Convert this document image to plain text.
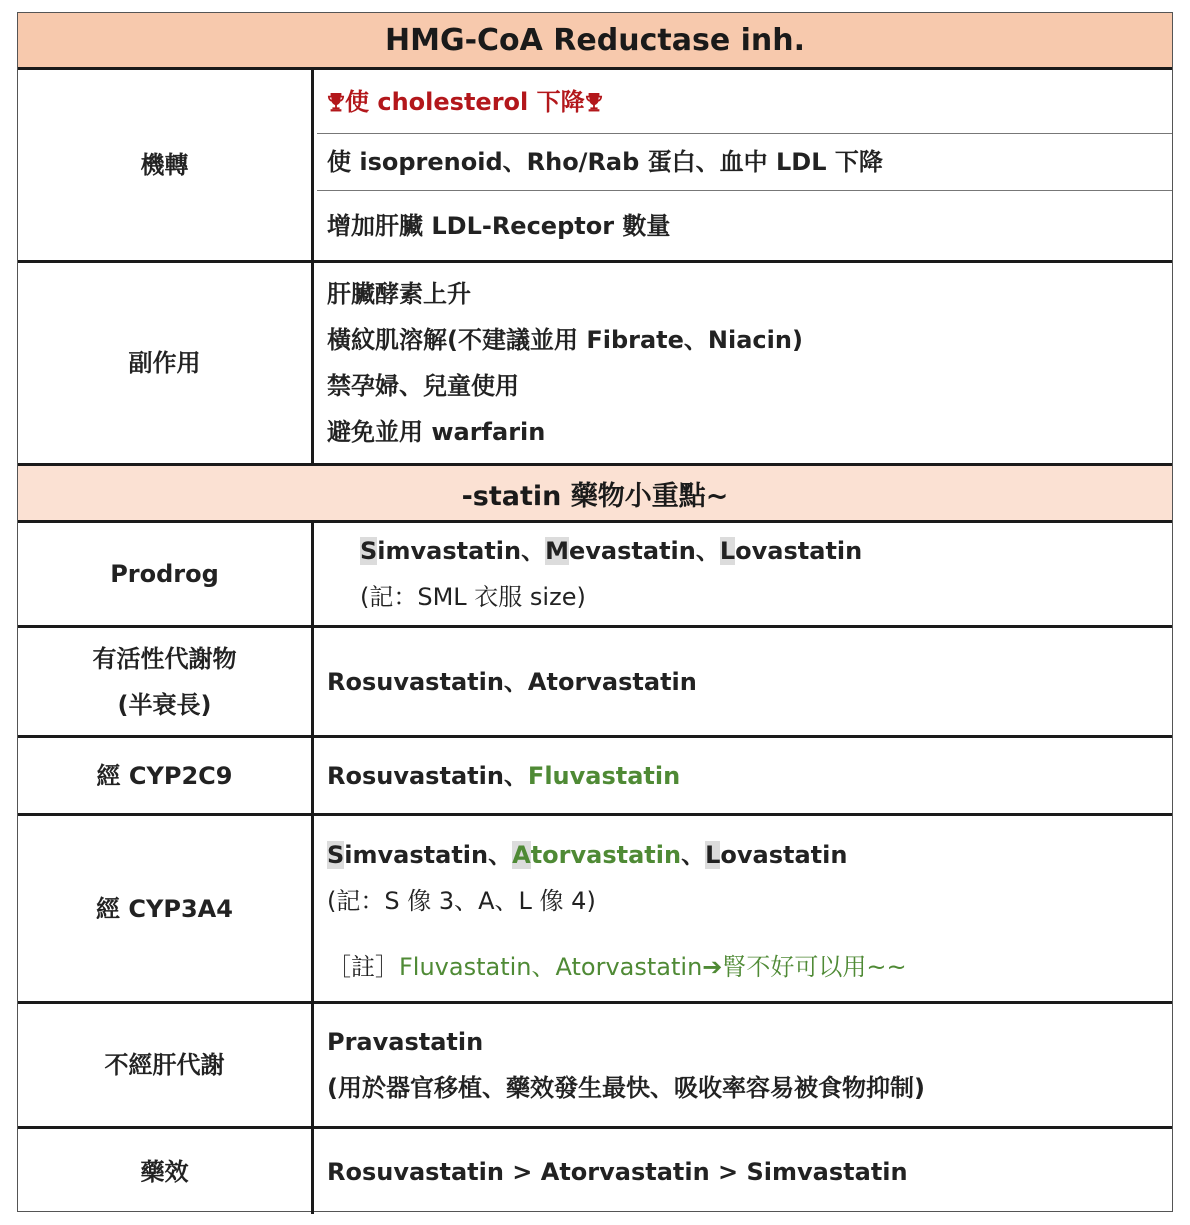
HMG-CoA Reductase inh.
機轉
使 cholesterol 下降
使 isoprenoid、Rho/Rab 蛋白、血中 LDL 下降
增加肝臟 LDL-Receptor 數量
副作用
肝臟酵素上升
橫紋肌溶解(不建議並用 Fibrate、Niacin)
禁孕婦、兒童使用
避免並用 warfarin
-statin 藥物小重點~
Prodrog
Simvastatin、Mevastatin、Lovastatin
(記：SML 衣服 size)
有活性代謝物
(半衰長)
Rosuvastatin、Atorvastatin
經 CYP2C9	Rosuvastatin、Fluvastatin
經 CYP3A4
Simvastatin、Atorvastatin、Lovastatin
(記：S 像 3、A、L 像 4)
［註］Fluvastatin、Atorvastatin➔腎不好可以用~~
不經肝代謝
Pravastatin
(用於器官移植、藥效發生最快、吸收率容易被食物抑制)
藥效	Rosuvastatin > Atorvastatin > Simvastatin
